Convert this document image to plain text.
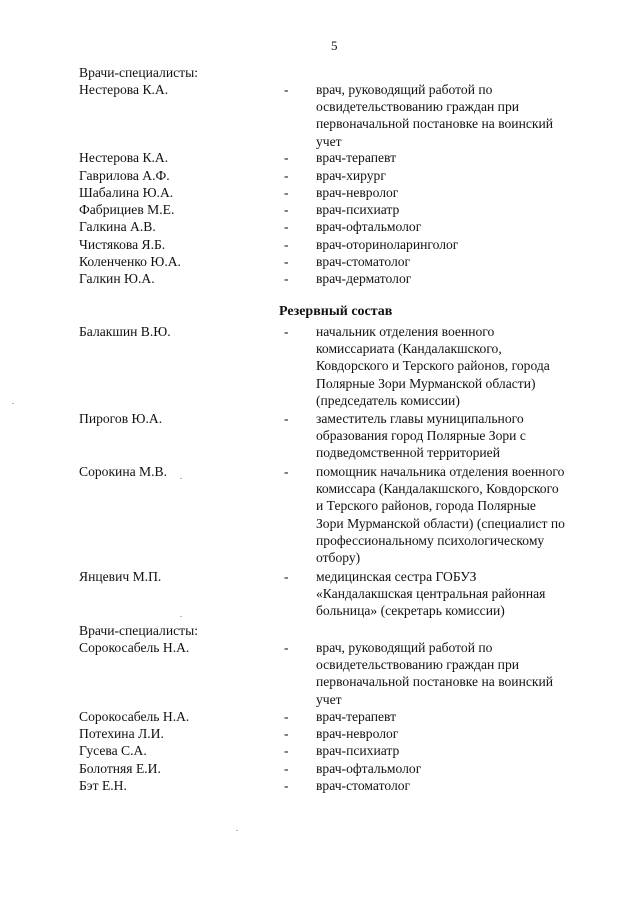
5
Врачи-специалисты:
Нестерова К.А.	- врач, руководящий работой по
освидетельствованию граждан при
первоначальной постановке на воинский
учет
Нестерова К.А.	- врач-терапевт
Гаврилова А.Ф.	- врач-хирург
Шабалина Ю.А.	- врач-невролог
Фабрициев М.Е.	- врач-психиатр
Галкина А.В.	- врач-офтальмолог
Чистякова Я.Б.	- врач-оториноларинголог
Коленченко Ю.А.	- врач-стоматолог
Галкин Ю.А.	- врач-дерматолог
Резервный состав
Балакшин В.Ю.	- начальник отделения военного
комиссариата (Кандалакшского,
Ковдорского и Терского районов, города
Полярные Зори Мурманской области)
(председатель комиссии)
Пирогов Ю.А.	- заместитель главы муниципального
образования город Полярные Зори с
подведомственной территорией
Сорокина М.В.	- помощник начальника отделения военного
комиссара (Кандалакшского, Ковдорского
и Терского районов, города Полярные
Зори Мурманской области) (специалист по
профессиональному психологическому
отбору)
Янцевич М.П.	- медицинская сестра ГОБУЗ
«Кандалакшская центральная районная
больница» (секретарь комиссии)
Врачи-специалисты:
Сорокосабель Н.А.	- врач, руководящий работой по
освидетельствованию граждан при
первоначальной постановке на воинский
учет
Сорокосабель Н.А.	- врач-терапевт
Потехина Л.И.	- врач-невролог
Гусева С.А.	- врач-психиатр
Болотняя Е.И.	- врач-офтальмолог
Бэт Е.Н.	- врач-стоматолог
